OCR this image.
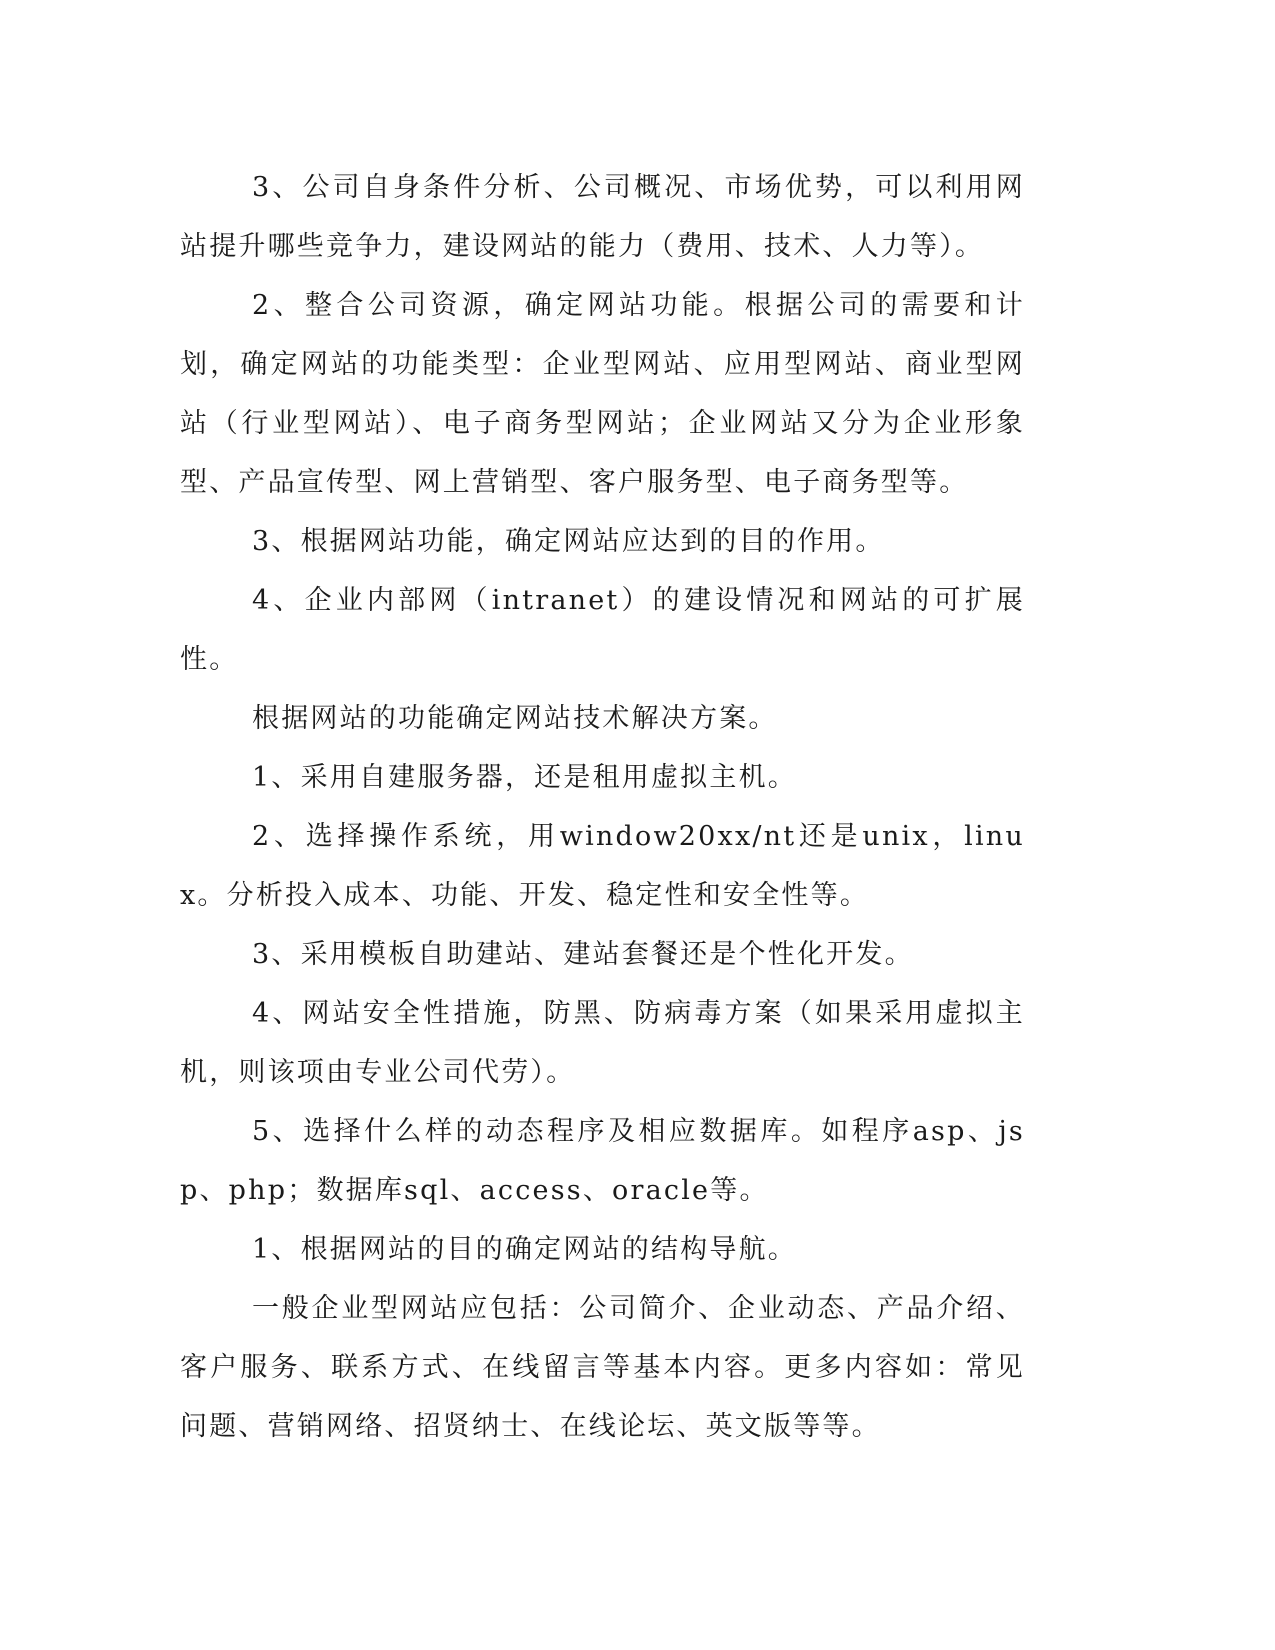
3、公司自身条件分析、公司概况、市场优势，可以利用网站提升哪些竞争力，建设网站的能力（费用、技术、人力等）。

2、整合公司资源，确定网站功能。根据公司的需要和计划，确定网站的功能类型：企业型网站、应用型网站、商业型网站（行业型网站）、电子商务型网站；企业网站又分为企业形象型、产品宣传型、网上营销型、客户服务型、电子商务型等。

3、根据网站功能，确定网站应达到的目的作用。

4、企业内部网（intranet）的建设情况和网站的可扩展性。

根据网站的功能确定网站技术解决方案。

1、采用自建服务器，还是租用虚拟主机。

2、选择操作系统，用window20xx/nt还是unix，linux。分析投入成本、功能、开发、稳定性和安全性等。

3、采用模板自助建站、建站套餐还是个性化开发。

4、网站安全性措施，防黑、防病毒方案（如果采用虚拟主机，则该项由专业公司代劳）。

5、选择什么样的动态程序及相应数据库。如程序asp、jsp、php；数据库sql、access、oracle等。

1、根据网站的目的确定网站的结构导航。

一般企业型网站应包括：公司简介、企业动态、产品介绍、客户服务、联系方式、在线留言等基本内容。更多内容如：常见问题、营销网络、招贤纳士、在线论坛、英文版等等。
